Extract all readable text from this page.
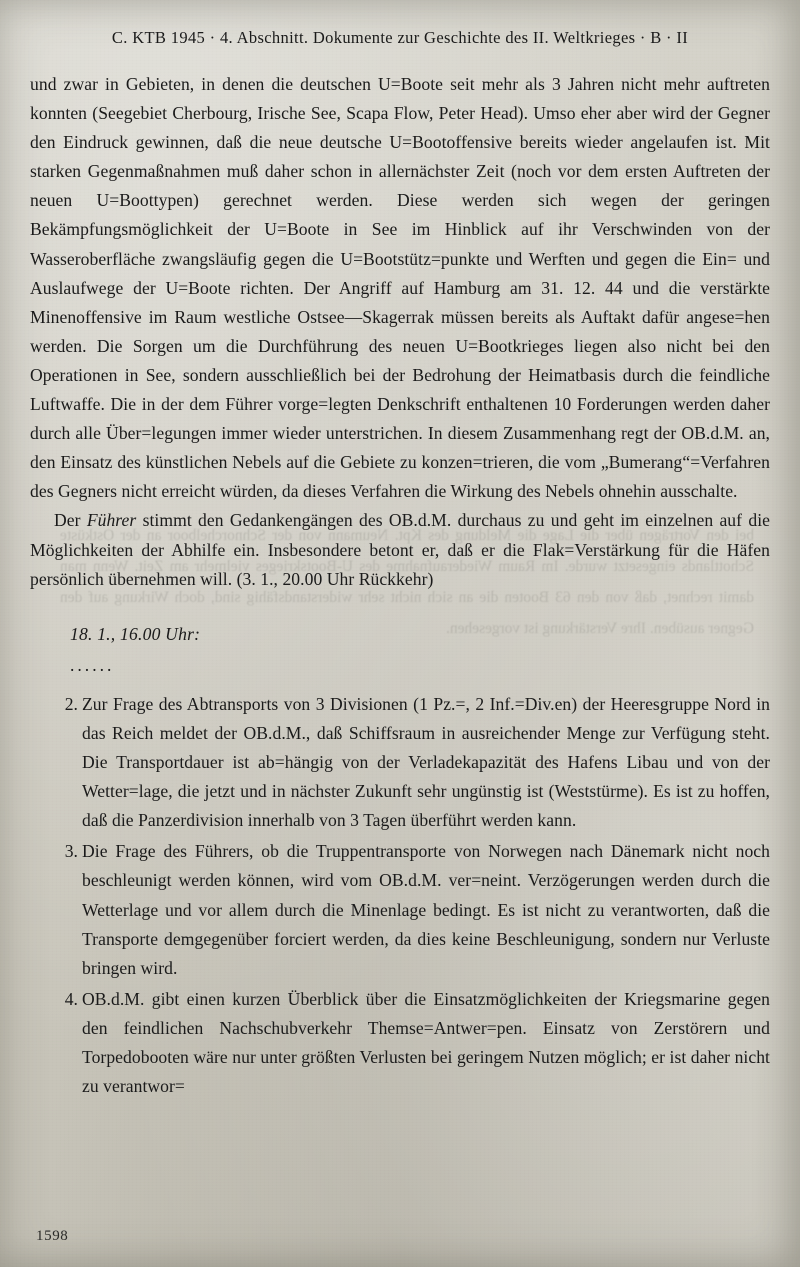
bei den Vorträgen über die Lage die Meldung des Kpt. Neumann von der Schnorchelboor an der Ostküste Schottlands eingesetzt wurde. Im Raum Wiederaufnahme des U-Bootskrieges vielmehr am Zeit. Wenn man damit rechnet, daß von den 63 Booten die an sich nicht sehr widerstandsfähig sind, doch Wirkung auf den Gegner ausüben. Ihre Verstärkung ist vorgesehen.
C. KTB 1945 · 4. Abschnitt. Dokumente zur Geschichte des II. Weltkrieges · B · II

und zwar in Gebieten, in denen die deutschen U=Boote seit mehr als 3 Jahren nicht mehr auftreten konnten (Seegebiet Cherbourg, Irische See, Scapa Flow, Peter Head). Umso eher aber wird der Gegner den Eindruck gewinnen, daß die neue deutsche U=Bootoffensive bereits wieder angelaufen ist. Mit starken Gegenmaßnahmen muß daher schon in allernächster Zeit (noch vor dem ersten Auftreten der neuen U=Boottypen) gerechnet werden. Diese werden sich wegen der geringen Bekämpfungsmöglichkeit der U=Boote in See im Hinblick auf ihr Verschwinden von der Wasseroberfläche zwangsläufig gegen die U=Bootstütz=punkte und Werften und gegen die Ein= und Auslaufwege der U=Boote richten. Der Angriff auf Hamburg am 31. 12. 44 und die verstärkte Minenoffensive im Raum westliche Ostsee—Skagerrak müssen bereits als Auftakt dafür angese=hen werden. Die Sorgen um die Durchführung des neuen U=Bootkrieges liegen also nicht bei den Operationen in See, sondern ausschließlich bei der Bedrohung der Heimatbasis durch die feindliche Luftwaffe. Die in der dem Führer vorge=legten Denkschrift enthaltenen 10 Forderungen werden daher durch alle Über=legungen immer wieder unterstrichen. In diesem Zusammenhang regt der OB.d.M. an, den Einsatz des künstlichen Nebels auf die Gebiete zu konzen=trieren, die vom „Bumerang“=Verfahren des Gegners nicht erreicht würden, da dieses Verfahren die Wirkung des Nebels ohnehin ausschalte.

Der Führer stimmt den Gedankengängen des OB.d.M. durchaus zu und geht im einzelnen auf die Möglichkeiten der Abhilfe ein. Insbesondere betont er, daß er die Flak=Verstärkung für die Häfen persönlich übernehmen will. (3. 1., 20.00 Uhr Rückkehr)

18. 1., 16.00 Uhr:
......
2. Zur Frage des Abtransports von 3 Divisionen (1 Pz.=, 2 Inf.=Div.en) der Heeresgruppe Nord in das Reich meldet der OB.d.M., daß Schiffsraum in ausreichender Menge zur Verfügung steht. Die Transportdauer ist ab=hängig von der Verladekapazität des Hafens Libau und von der Wetter=lage, die jetzt und in nächster Zukunft sehr ungünstig ist (Weststürme). Es ist zu hoffen, daß die Panzerdivision innerhalb von 3 Tagen überführt werden kann.
3. Die Frage des Führers, ob die Truppentransporte von Norwegen nach Dänemark nicht noch beschleunigt werden können, wird vom OB.d.M. ver=neint. Verzögerungen werden durch die Wetterlage und vor allem durch die Minenlage bedingt. Es ist nicht zu verantworten, daß die Transporte demgegenüber forciert werden, da dies keine Beschleunigung, sondern nur Verluste bringen wird.
4. OB.d.M. gibt einen kurzen Überblick über die Einsatzmöglichkeiten der Kriegsmarine gegen den feindlichen Nachschubverkehr Themse=Antwer=pen. Einsatz von Zerstörern und Torpedobooten wäre nur unter größten Verlusten bei geringem Nutzen möglich; er ist daher nicht zu verantwor=
1598
